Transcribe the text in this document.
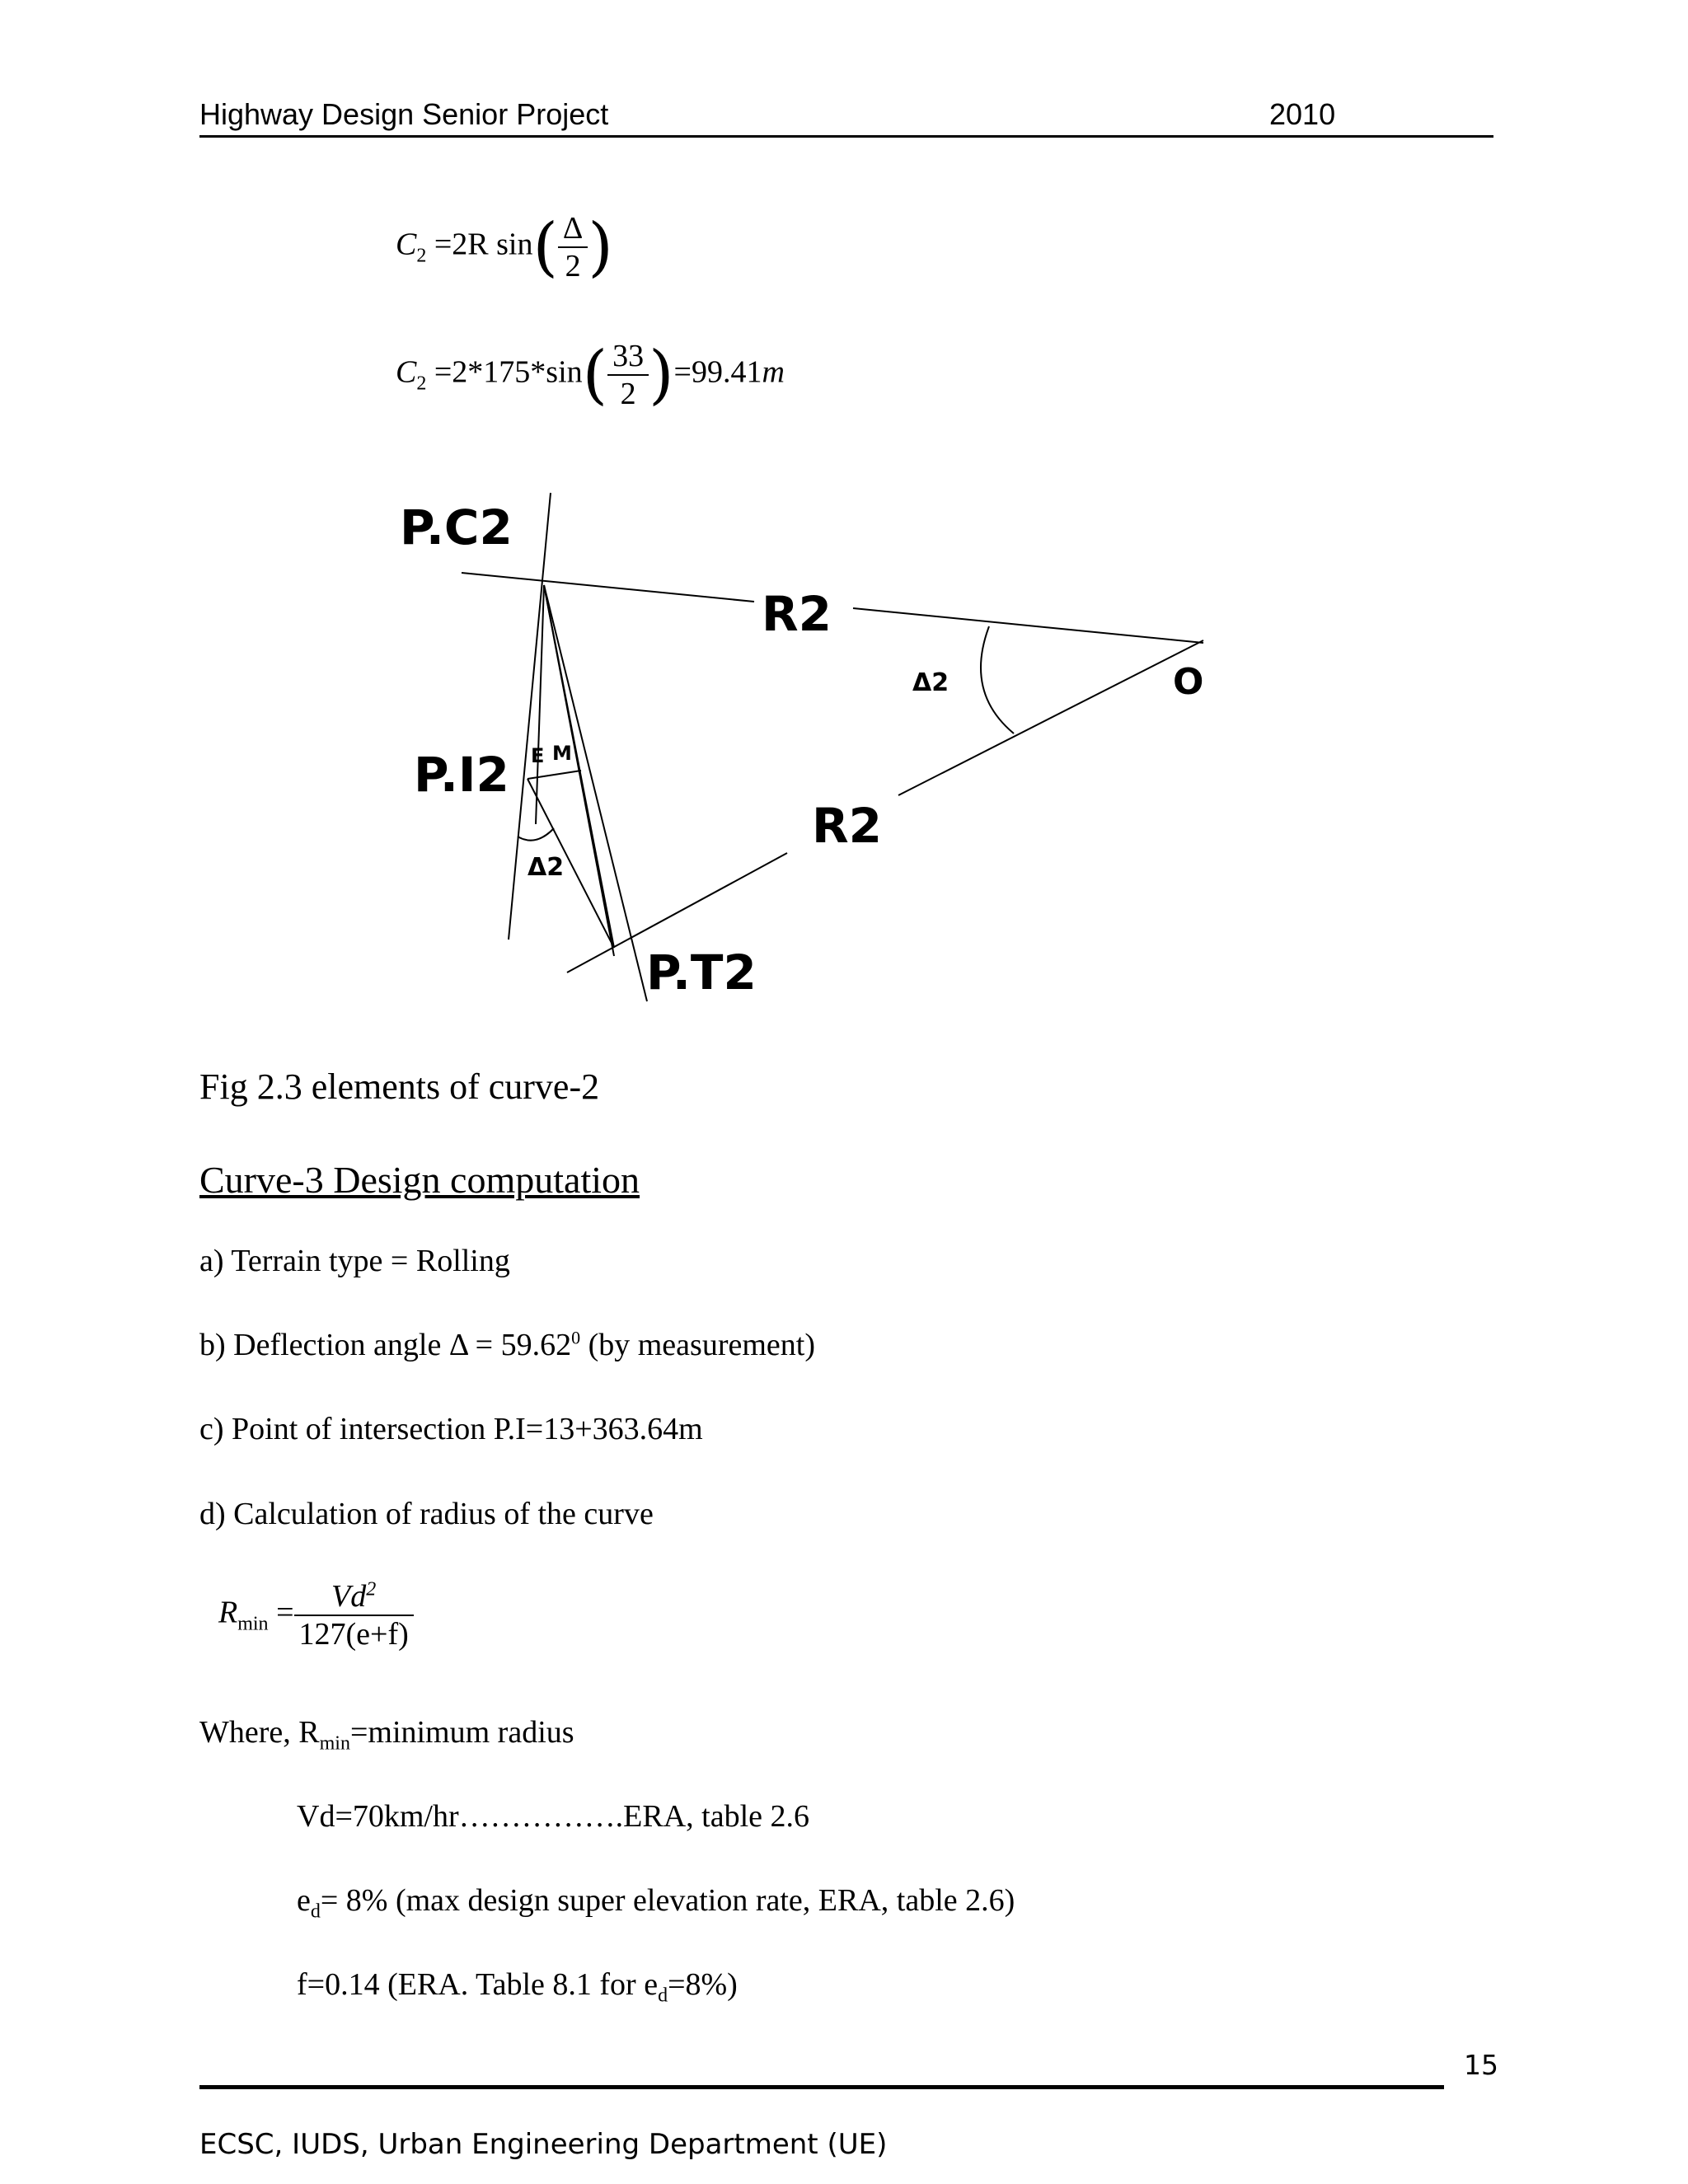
Highway Design Senior Project	2010
$C_2 =2R$ $\sin( \frac{\Delta}{2}$ )
$C_2 =2*175*\sin( \frac{33}{2} )=99.41m$
P.C2
R2
Δ2	O
P.I2 E M
R2
Δ2
P.T2
Fig 2.3 elements of curve-2
Curve-3 Design computation
a) Terrain type = Rolling
b) Deflection angle $\Delta = 59.62^0$ (by measurement)
c) Point of intersection P.I=13+363.64m
d) Calculation of radius of the curve
$R_{min} = \frac{Vd^2}{127(e+f)}$
Where, $R_{min}=minimum$ radius
Vd=70km/hr…………….ERA, table 2.6
$e_d= 8\%$ (max design super elevation rate, ERA, table 2.6)
f=0.14 (ERA. Table 8.1 for $e_d=8\%$)
15
ECSC, IUDS, Urban Engineering Department (UE)
